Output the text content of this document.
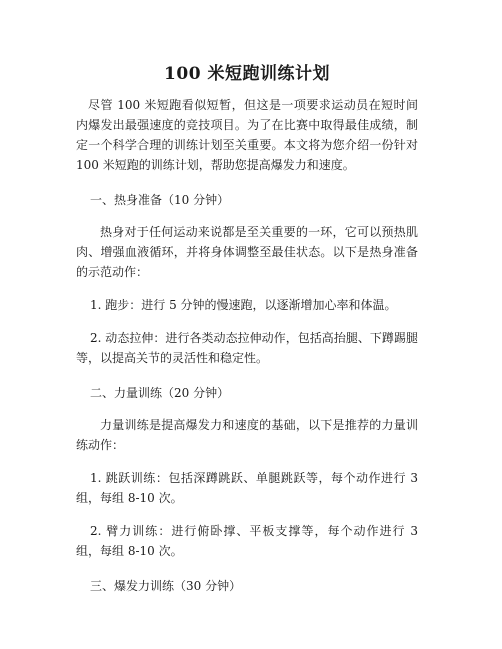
100 米短跑训练计划

尽管 100 米短跑看似短暂，但这是一项要求运动员在短时间内爆发出最强速度的竞技项目。为了在比赛中取得最佳成绩，制定一个科学合理的训练计划至关重要。本文将为您介绍一份针对 100 米短跑的训练计划，帮助您提高爆发力和速度。

一、热身准备（10 分钟）

热身对于任何运动来说都是至关重要的一环，它可以预热肌肉、增强血液循环，并将身体调整至最佳状态。以下是热身准备的示范动作：

1. 跑步：进行 5 分钟的慢速跑，以逐渐增加心率和体温。

2. 动态拉伸：进行各类动态拉伸动作，包括高抬腿、下蹲踢腿等，以提高关节的灵活性和稳定性。

二、力量训练（20 分钟）

力量训练是提高爆发力和速度的基础，以下是推荐的力量训练动作：

1. 跳跃训练：包括深蹲跳跃、单腿跳跃等，每个动作进行 3 组，每组 8-10 次。

2. 臂力训练：进行俯卧撑、平板支撑等，每个动作进行 3 组，每组 8-10 次。

三、爆发力训练（30 分钟）
